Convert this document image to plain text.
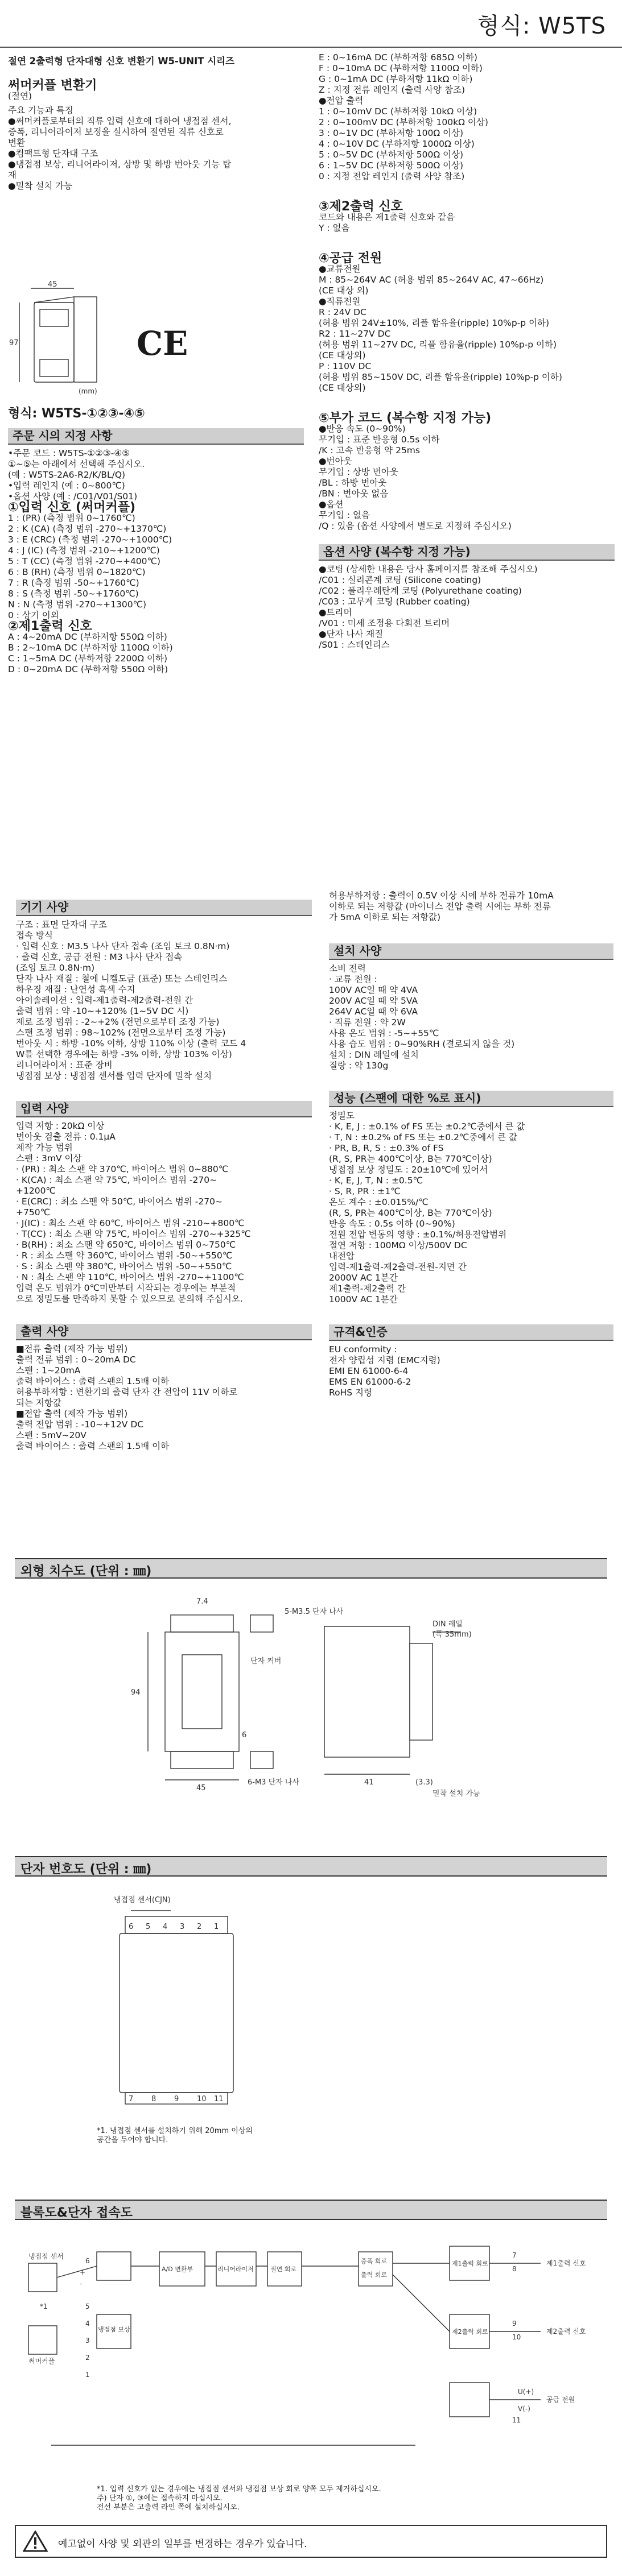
형식: W5TS

절연 2출력형 단자대형 신호 변환기 W5-UNIT 시리즈

써머커플 변환기

(절연)

주요 기능과 특징

●써머커플로부터의 직류 입력 신호에 대하여 냉접점 센서,

증폭, 리니어라이저 보정을 실시하여 절연된 직류 신호로

변환

●컴팩트형 단자대 구조

●냉접점 보상, 리니어라이저, 상방 및 하방 번아웃 기능 탑

재

●밀착 설치 가능

45
97
(mm)
CE

형식: W5TS-①②③-④⑤

주문 시의 지정 사항

•주문 코드 : W5TS-①②③-④⑤

①~⑤는 아래에서 선택해 주십시오.

(예 : W5TS-2A6-R2/K/BL/Q)

•입력 레인지 (예 : 0~800℃)

•옵션 사양 (예 : /C01/V01/S01)

①입력 신호 (써머커플)

1 : (PR) (측정 범위 0~1760℃)

2 : K (CA) (측정 범위 -270~+1370℃)

3 : E (CRC) (측정 범위 -270~+1000℃)

4 : J (IC) (측정 범위 -210~+1200℃)

5 : T (CC) (측정 범위 -270~+400℃)

6 : B (RH) (측정 범위 0~1820℃)

7 : R (측정 범위 -50~+1760℃)

8 : S (측정 범위 -50~+1760℃)

N : N (측정 범위 -270~+1300℃)

0 : 상기 이외

②제1출력 신호

A : 4~20mA DC (부하저항 550Ω 이하)

B : 2~10mA DC (부하저항 1100Ω 이하)

C : 1~5mA DC (부하저항 2200Ω 이하)

D : 0~20mA DC (부하저항 550Ω 이하)

E : 0~16mA DC (부하저항 685Ω 이하)

F : 0~10mA DC (부하저항 1100Ω 이하)

G : 0~1mA DC (부하저항 11kΩ 이하)

Z : 지정 전류 레인지 (출력 사양 참조)

●전압 출력

1 : 0~10mV DC (부하저항 10kΩ 이상)

2 : 0~100mV DC (부하저항 100kΩ 이상)

3 : 0~1V DC (부하저항 100Ω 이상)

4 : 0~10V DC (부하저항 1000Ω 이상)

5 : 0~5V DC (부하저항 500Ω 이상)

6 : 1~5V DC (부하저항 500Ω 이상)

0 : 지정 전압 레인지 (출력 사양 참조)

③제2출력 신호

코드와 내용은 제1출력 신호와 같음

Y : 없음

④공급 전원

●교류전원

M : 85~264V AC (허용 범위 85~264V AC, 47~66Hz)

(CE 대상 외)

●직류전원

R : 24V DC

(허용 범위 24V±10%, 리플 함유율(ripple) 10%p-p 이하)

R2 : 11~27V DC

(허용 범위 11~27V DC, 리플 함유율(ripple) 10%p-p 이하)

(CE 대상외)

P : 110V DC

(허용 범위 85~150V DC, 리플 함유율(ripple) 10%p-p 이하)

(CE 대상외)

⑤부가 코드 (복수항 지정 가능)

●반응 속도 (0~90%)

무기입 : 표준 반응형 0.5s 이하

/K : 고속 반응형 약 25ms

●번아웃

무기입 : 상방 번아웃

/BL : 하방 번아웃

/BN : 번아웃 없음

●옵션

무기입 : 없음

/Q : 있음 (옵션 사양에서 별도로 지정해 주십시오)

옵션 사양 (복수항 지정 가능)

●코팅 (상세한 내용은 당사 홈페이지를 참조해 주십시오)

/C01 : 실리콘계 코팅 (Silicone coating)

/C02 : 폴리우레탄계 코팅 (Polyurethane coating)

/C03 : 고무계 코팅 (Rubber coating)

●트리머

/V01 : 미세 조정용 다회전 트리머

●단자 나사 재질

/S01 : 스테인리스

기기 사양

구조 : 표면 단자대 구조

접속 방식

· 입력 신호 : M3.5 나사 단자 접속 (조임 토크 0.8N·m)

· 출력 신호, 공급 전원 : M3 나사 단자 접속

(조임 토크 0.8N·m)

단자 나사 재질 : 철에 니켈도금 (표준) 또는 스테인리스

하우징 재질 : 난연성 흑색 수지

아이솔레이션 : 입력-제1출력-제2출력-전원 간

출력 범위 : 약 -10~+120% (1~5V DC 시)

제로 조정 범위 : -2~+2% (전면으로부터 조정 가능)

스팬 조정 범위 : 98~102% (전면으로부터 조정 가능)

번아웃 시 : 하방 -10% 이하, 상방 110% 이상 (출력 코드 4

W를 선택한 경우에는 하방 -3% 이하, 상방 103% 이상)

리니어라이저 : 표준 장비

냉접점 보상 : 냉접점 센서를 입력 단자에 밀착 설치

입력 사양

입력 저항 : 20kΩ 이상

번아웃 검출 전류 : 0.1μA

제작 가능 범위

스팬 : 3mV 이상

· (PR) : 최소 스팬 약 370℃, 바이어스 범위 0~880℃

· K(CA) : 최소 스팬 약 75℃, 바이어스 범위 -270~

+1200℃

· E(CRC) : 최소 스팬 약 50℃, 바이어스 범위 -270~

+750℃

· J(IC) : 최소 스팬 약 60℃, 바이어스 범위 -210~+800℃

· T(CC) : 최소 스팬 약 75℃, 바이어스 범위 -270~+325℃

· B(RH) : 최소 스팬 약 650℃, 바이어스 범위 0~750℃

· R : 최소 스팬 약 360℃, 바이어스 범위 -50~+550℃

· S : 최소 스팬 약 380℃, 바이어스 범위 -50~+550℃

· N : 최소 스팬 약 110℃, 바이어스 범위 -270~+1100℃

입력 온도 범위가 0℃미만부터 시작되는 경우에는 부분적

으로 정밀도를 만족하지 못할 수 있으므로 문의해 주십시오.

출력 사양

■전류 출력 (제작 가능 범위)

출력 전류 범위 : 0~20mA DC

스팬 : 1~20mA

출력 바이어스 : 출력 스팬의 1.5배 이하

허용부하저항 : 변환기의 출력 단자 간 전압이 11V 이하로

되는 저항값

■전압 출력 (제작 가능 범위)

출력 전압 범위 : -10~+12V DC

스팬 : 5mV~20V

출력 바이어스 : 출력 스팬의 1.5배 이하

허용부하저항 : 출력이 0.5V 이상 시에 부하 전류가 10mA

이하로 되는 저항값 (마이너스 전압 출력 시에는 부하 전류

가 5mA 이하로 되는 저항값)

설치 사양

소비 전력

· 교류 전원 :

100V AC일 때 약 4VA

200V AC일 때 약 5VA

264V AC일 때 약 6VA

· 직류 전원 : 약 2W

사용 온도 범위 : -5~+55℃

사용 습도 범위 : 0~90%RH (결로되지 않을 것)

설치 : DIN 레일에 설치

질량 : 약 130g

성능 (스팬에 대한 %로 표시)

정밀도

· K, E, J : ±0.1% of FS 또는 ±0.2℃중에서 큰 값

· T, N : ±0.2% of FS 또는 ±0.2℃중에서 큰 값

· PR, B, R, S : ±0.3% of FS

(R, S, PR는 400℃이상, B는 770℃이상)

냉접점 보상 정밀도 : 20±10℃에 있어서

· K, E, J, T, N : ±0.5℃

· S, R, PR : ±1℃

온도 계수 : ±0.015%/℃

(R, S, PR는 400℃이상, B는 770℃이상)

반응 속도 : 0.5s 이하 (0~90%)

전원 전압 변동의 영향 : ±0.1%/허용전압범위

절연 저항 : 100MΩ 이상/500V DC

내전압

입력-제1출력-제2출력-전원-지면 간

2000V AC 1분간

제1출력-제2출력 간

1000V AC 1분간

규격&인증

EU conformity :

전자 양립성 지령 (EMC지령)

EMI EN 61000-6-4

EMS EN 61000-6-2

RoHS 지령

외형 치수도 (단위 : ㎜)
7.4
5-M3.5 단자 나사
단자 커버
94
45
6
6-M3 단자 나사	41	(3.3)
DIN 레일
(폭 35mm)
밀착 설치 가능
단자 번호도 (단위 : ㎜)
냉접점 센서(CJN)
6 5 4 3 2 1
7 8 9 10 11

*1. 냉접점 센서를 설치하기 위해 20mm 이상의

공간을 두어야 합니다.

블록도&단자 접속도
냉접점 센서
써머커플
냉접점 보상
A/D 변환부	절연 회로
리니어라이저
증폭 회로
출력 회로
제1출력 회로
제2출력 회로
제1출력 신호
제2출력 신호
공급 전원
U(+)
V(-)
+
-
6
5
4
3
2
1
7
8
9
10
11
*1

*1. 입력 신호가 없는 경우에는 냉접점 센서와 냉접점 보상 회로 양쪽 모두 제거하십시오.

주) 단자 ①, ③에는 접속하지 마십시오.

전선 부분은 고출력 라인 쪽에 설치하십시오.

예고없이 사양 및 외관의 일부를 변경하는 경우가 있습니다.
